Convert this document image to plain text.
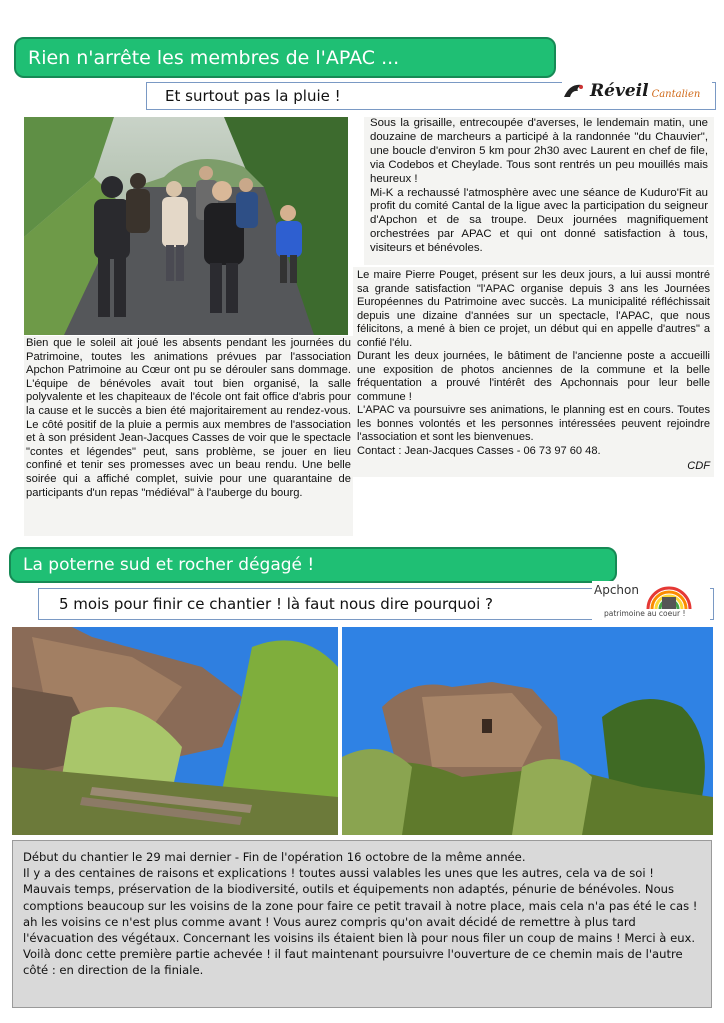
Rien n'arrête les membres de l'APAC ...
Et surtout pas la pluie !	Réveil Cantalien

Bien que le soleil ait joué les absents pendant les journées du Patrimoine, toutes les animations prévues par l'association Apchon Patrimoine au Cœur ont pu se dérouler sans dommage. L'équipe de bénévoles avait tout bien organisé, la salle polyvalente et les chapiteaux de l'école ont fait office d'abris pour la cause et le succès a bien été majoritairement au rendez-vous. Le côté positif de la pluie a permis aux membres de l'association et à son président Jean-Jacques Casses de voir que le spectacle "contes et légendes" peut, sans problème, se jouer en lieu confiné et tenir ses promesses avec un beau rendu. Une belle soirée qui a affiché complet, suivie pour une quarantaine de participants d'un repas "médiéval" à l'auberge du bourg.

Sous la grisaille, entrecoupée d'averses, le lendemain matin, une douzaine de marcheurs a participé à la randonnée "du Chauvier", une boucle d'environ 5 km pour 2h30 avec Laurent en chef de file, via Codebos et Cheylade. Tous sont rentrés un peu mouillés mais heureux !

Mi-K a rechaussé l'atmosphère avec une séance de Kuduro'Fit au profit du comité Cantal de la ligue avec la participation du seigneur d'Apchon et de sa troupe. Deux journées magnifiquement orchestrées par APAC et qui ont donné satisfaction à tous, visiteurs et bénévoles.

Le maire Pierre Pouget, présent sur les deux jours, a lui aussi montré sa grande satisfaction "l'APAC organise depuis 3 ans les Journées Européennes du Patrimoine avec succès. La municipalité réfléchissait depuis une dizaine d'années sur un spectacle, l'APAC, que nous félicitons, a mené à bien ce projet, un début qui en appelle d'autres" a confié l'élu.

Durant les deux journées, le bâtiment de l'ancienne poste a accueilli une exposition de photos anciennes de la commune et la belle fréquentation a prouvé l'intérêt des Apchonnais pour leur belle commune !

L'APAC va poursuivre ses animations, le planning est en cours. Toutes les bonnes volontés et les personnes intéressées peuvent rejoindre l'association et sont les bienvenues.

Contact : Jean-Jacques Casses - 06 73 97 60 48.

CDF

La poterne sud et rocher dégagé !
5 mois pour finir ce chantier ! là faut nous dire pourquoi ?
Apchon
patrimoine au coeur !

Début du chantier le 29 mai dernier - Fin de l'opération 16 octobre de la même année.

Il y a des centaines de raisons et explications ! toutes aussi valables les unes que les autres, cela va de soi ! Mauvais temps, préservation de la biodiversité, outils et équipements non adaptés, pénurie de bénévoles. Nous comptions beaucoup sur les voisins de la zone pour faire ce petit travail à notre place, mais cela n'a pas été le cas ! ah les voisins ce n'est plus comme avant ! Vous aurez compris qu'on avait décidé de remettre à plus tard l'évacuation des végétaux. Concernant les voisins ils étaient bien là pour nous filer un coup de mains ! Merci à eux.

Voilà donc cette première partie achevée ! il faut maintenant poursuivre l'ouverture de ce chemin mais de l'autre côté : en direction de la finiale.
